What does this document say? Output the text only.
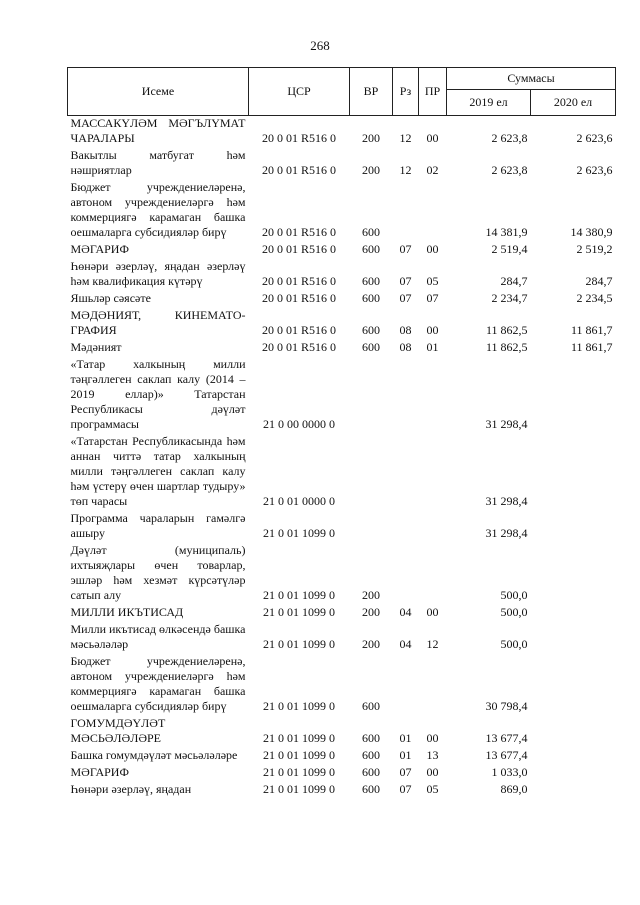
268
Исеме	ЦСР	ВР	Рз	ПР	Суммасы	
					2019 ел	2020 ел
МАССАКҮЛӘМ МӘГЪЛҮМАТ ЧАРАЛАРЫ	20 0 01 R516 0	200	12	00	2 623,8	2 623,6
Вакытлы матбугат һәм нәшриятлар	20 0 01 R516 0	200	12	02	2 623,8	2 623,6
Бюджет учреждениеләренә, автоном учреждениеләргә һәм коммерциягә карамаган башка оешмаларга субсидияләр бирү	20 0 01 R516 0	600			14 381,9	14 380,9
МӘГАРИФ	20 0 01 R516 0	600	07	00	2 519,4	2 519,2
Һөнәри әзерләү, яңадан әзерләү һәм квалификация күтәрү	20 0 01 R516 0	600	07	05	284,7	284,7
Яшьләр сәясәте	20 0 01 R516 0	600	07	07	2 234,7	2 234,5
МӘДӘНИЯТ, КИНЕМАТО-ГРАФИЯ	20 0 01 R516 0	600	08	00	11 862,5	11 861,7
Мәдәният	20 0 01 R516 0	600	08	01	11 862,5	11 861,7
«Татар халкының милли тәңгәллеген саклап калу (2014 – 2019 еллар)» Татарстан Республикасы дәүләт программасы	21 0 00 0000 0				31 298,4	
«Татарстан Республикасында һәм аннан читтә татар халкының милли тәңгәллеген саклап калу һәм үстерү өчен шартлар тудыру» төп чарасы	21 0 01 0000 0				31 298,4	
Программа чараларын гамәлгә ашыру	21 0 01 1099 0				31 298,4	
Дәүләт (муниципаль) ихтыяҗлары өчен товарлар, эшләр һәм хезмәт күрсәтүләр сатып алу	21 0 01 1099 0	200			500,0	
МИЛЛИ ИКЪТИСАД	21 0 01 1099 0	200	04	00	500,0	
Милли икътисад өлкәсендә башка мәсьәләләр	21 0 01 1099 0	200	04	12	500,0	
Бюджет учреждениеләренә, автоном учреждениеләргә һәм коммерциягә карамаган башка оешмаларга субсидияләр бирү	21 0 01 1099 0	600			30 798,4	
ГОМУМДӘҮЛӘТ МӘСЬӘЛӘЛӘРЕ	21 0 01 1099 0	600	01	00	13 677,4	
Башка гомумдәүләт мәсьәләләре	21 0 01 1099 0	600	01	13	13 677,4	
МӘГАРИФ	21 0 01 1099 0	600	07	00	1 033,0	
Һөнәри әзерләү, яңадан	21 0 01 1099 0	600	07	05	869,0	
